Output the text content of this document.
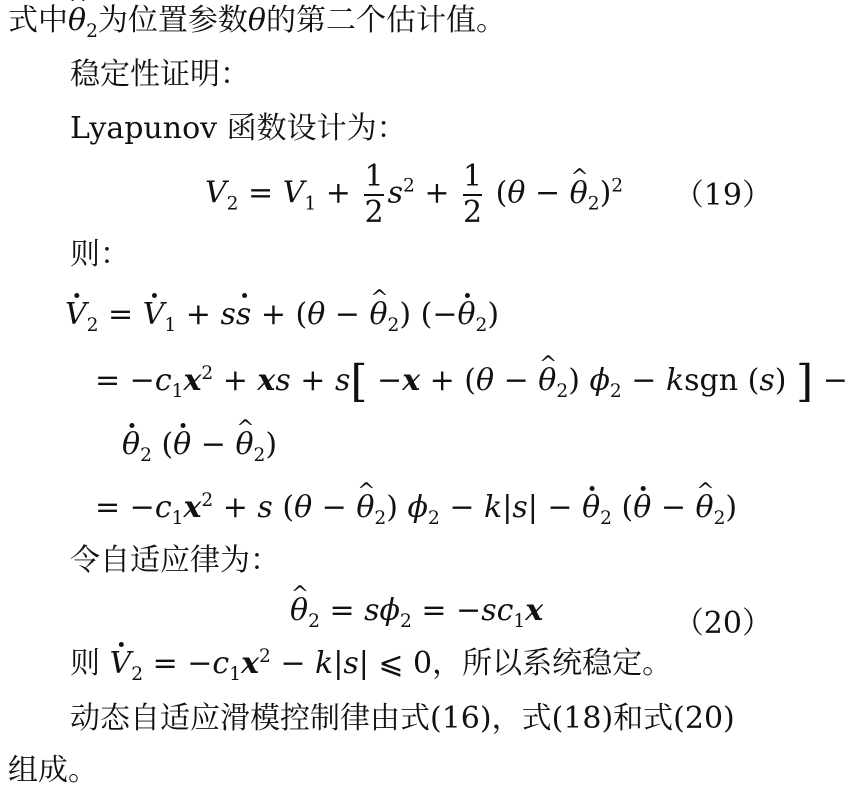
式中θ $\^{}_2$为位置参数θ的第二个估计值。
稳定性证明：
Lyapunov 函数设计为：
$V_2 = V_1 + \frac{1}{2} s^2 + \frac{1}{2} (\theta - \theta$ $\^{}_2)^2$ （19）
则：
$V \cdot_2 = V \cdot_1$ + ss · + (θ − θ $\^{}_2$) $(-\theta \cdot_2)$
= $-c_1x^2$ + xs + s[ −x + (θ − θ $\^{}_2$) $\phi_2$ − ksgn (s) ] −
$\theta \cdot_2$ (θ · − θ $\^{}_2$)
= $-c_1x^2 + s$ (θ − θ $\^{}_2$) $\phi_2 - k|s| - \theta \cdot_2$ (θ · − θ $\^{}_2$)
令自适应律为：
θ $\^{}_2 = s\phi_2 = -sc_1x$	（20）
则 $V \cdot_2 = -c_1x^2 - k|s|$ ⩽ 0，所以系统稳定。
动态自适应滑模控制律由式(16)，式(18)和式(20)
组成。
